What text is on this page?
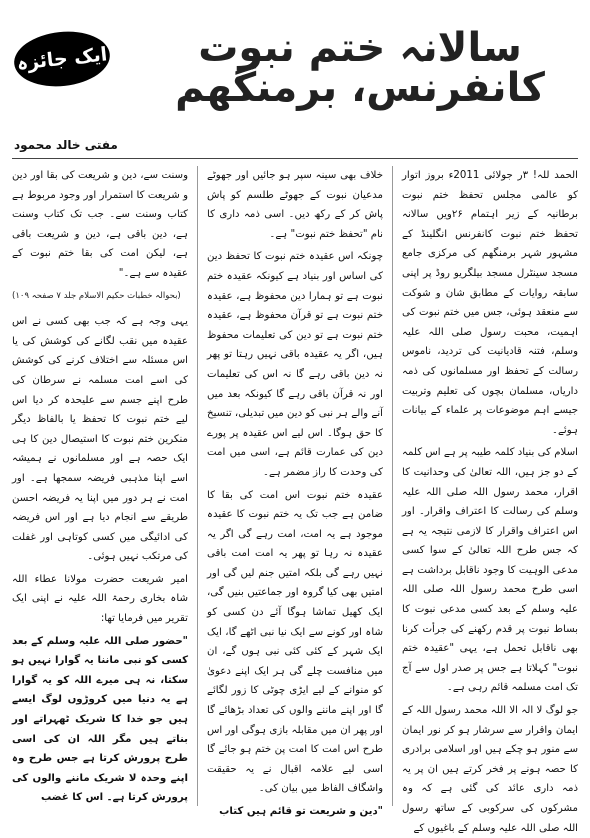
ایک جائزہ	سالانہ ختم نبوت کانفرنس، برمنگھم
مفتی خالد محمود

الحمد للہ! ۳ر جولائی 2011ء بروز اتوار کو عالمی مجلس تحفظ ختم نبوت برطانیہ کے زیر اہتمام ۲۶ویں سالانہ تحفظ ختم نبوت کانفرنس انگلینڈ کے مشہور شہر برمنگھم کی مرکزی جامع مسجد سینٹرل مسجد بیلگریو روڈ پر اپنی سابقہ روایات کے مطابق شان و شوکت سے منعقد ہوئی، جس میں ختم نبوت کی اہمیت، محبت رسول صلی اللہ علیہ وسلم، فتنہ قادیانیت کی تردید، ناموس رسالت کے تحفظ اور مسلمانوں کی ذمہ داریاں، مسلمان بچوں کی تعلیم وتربیت جیسے اہم موضوعات پر علماء کے بیانات ہوئے۔

اسلام کی بنیاد کلمہ طیبہ پر ہے اس کلمہ کے دو جز ہیں، اللہ تعالیٰ کی وحدانیت کا اقرار، محمد رسول اللہ صلی اللہ علیہ وسلم کی رسالت کا اعتراف واقرار۔ اور اس اعتراف واقرار کا لازمی نتیجہ یہ ہے کہ جس طرح اللہ تعالیٰ کے سوا کسی مدعی الوہیت کا وجود ناقابل برداشت ہے اسی طرح محمد رسول اللہ صلی اللہ علیہ وسلم کے بعد کسی مدعی نبوت کا بساط نبوت پر قدم رکھنے کی جرأت کرنا بھی ناقابل تحمل ہے، یہی "عقیدہ ختم نبوت" کہلاتا ہے جس پر صدر اول سے آج تک امت مسلمہ قائم رہی ہے۔

جو لوگ لا الہ الا اللہ محمد رسول اللہ کے ایمان واقرار سے سرشار ہو کر نور ایمان سے منور ہو چکے ہیں اور اسلامی برادری کا حصہ ہونے پر فخر کرتے ہیں ان پر یہ ذمہ داری عائد کی گئی ہے کہ وہ مشرکوں کی سرکوبی کے ساتھ رسول اللہ صلی اللہ علیہ وسلم کے باغیوں کے

خلاف بھی سینہ سپر ہو جائیں اور جھوٹے مدعیان نبوت کے جھوٹے طلسم کو پاش پاش کر کے رکھ دیں۔ اسی ذمہ داری کا نام "تحفظ ختم نبوت" ہے۔

چونکہ اس عقیدہ ختم نبوت کا تحفظ دین کی اساس اور بنیاد ہے کیونکہ عقیدہ ختم نبوت ہے تو ہمارا دین محفوظ ہے، عقیدہ ختم نبوت ہے تو قرآن محفوظ ہے، عقیدہ ختم نبوت ہے تو دین کی تعلیمات محفوظ ہیں، اگر یہ عقیدہ باقی نہیں رہتا تو پھر نہ دین باقی رہے گا نہ اس کی تعلیمات اور نہ قرآن باقی رہے گا کیونکہ بعد میں آنے والے ہر نبی کو دین میں تبدیلی، تنسیخ کا حق ہوگا۔ اس لیے اس عقیدہ پر پورے دین کی عمارت قائم ہے، اسی میں امت کی وحدت کا راز مضمر ہے۔

عقیدہ ختم نبوت اس امت کی بقا کا ضامن ہے جب تک یہ ختم نبوت کا عقیدہ موجود ہے یہ امت، امت رہے گی اگر یہ عقیدہ نہ رہا تو پھر یہ امت امت باقی نہیں رہے گی بلکہ امتیں جنم لیں گی اور امتیں بھی کیا گروہ اور جماعتیں بنیں گی، ایک کھیل تماشا ہوگا آئے دن کسی کو شاہ اور کونے سے ایک نیا نبی اٹھے گا، ایک ایک شہر کے کئی کئی نبی ہوں گے، ان میں منافست چلے گی ہر ایک اپنے دعویٰ کو منوانے کے لیے ایڑی چوٹی کا زور لگائے گا اور اپنے ماننے والوں کی تعداد بڑھائے گا اور پھر ان میں مقابلہ بازی ہوگی اور اس طرح اس امت کا امت پن ختم ہو جائے گا اسی لیے علامہ اقبال نے یہ حقیقت واشگاف الفاظ میں بیان کی۔

"دین و شریعت تو قائم ہیں کتاب

وسنت سے، دین و شریعت کی بقا اور دین و شریعت کا استمرار اور وجود مربوط ہے کتاب وسنت سے۔ جب تک کتاب وسنت ہے، دین باقی ہے، دین و شریعت باقی ہے، لیکن امت کی بقا ختم نبوت کے عقیدہ سے ہے۔"

(بحوالہ خطبات حکیم الاسلام جلد ۷ صفحہ ۱۰۹)

یہی وجہ ہے کہ جب بھی کسی نے اس عقیدہ میں نقب لگانے کی کوشش کی یا اس مسئلہ سے اختلاف کرنے کی کوشش کی اسے امت مسلمہ نے سرطان کی طرح اپنے جسم سے علیحدہ کر دیا اس لیے ختم نبوت کا تحفظ یا بالفاظ دیگر منکرین ختم نبوت کا استیصال دین کا ہی ایک حصہ ہے اور مسلمانوں نے ہمیشہ اسے اپنا مذہبی فریضہ سمجھا ہے۔ اور امت نے ہر دور میں اپنا یہ فریضہ احسن طریقے سے انجام دیا ہے اور اس فریضہ کی ادائیگی میں کسی کوتاہی اور غفلت کی مرتکب نہیں ہوئی۔

امیر شریعت حضرت مولانا عطاء اللہ شاہ بخاری رحمۃ اللہ علیہ نے اپنی ایک تقریر میں فرمایا تھا:

"حضور صلی اللہ علیہ وسلم کے بعد کسی کو نبی ماننا یہ گوارا نہیں ہو سکتا، نہ ہی میرے اللہ کو یہ گوارا ہے یہ دنیا میں کروڑوں لوگ ایسے ہیں جو خدا کا شریک ٹھہراتے اور بناتے ہیں مگر اللہ ان کی اسی طرح پرورش کرتا ہے جس طرح وہ اپنے وحدہ لا شریک ماننے والوں کی پرورش کرتا ہے۔ اس کا غضب
